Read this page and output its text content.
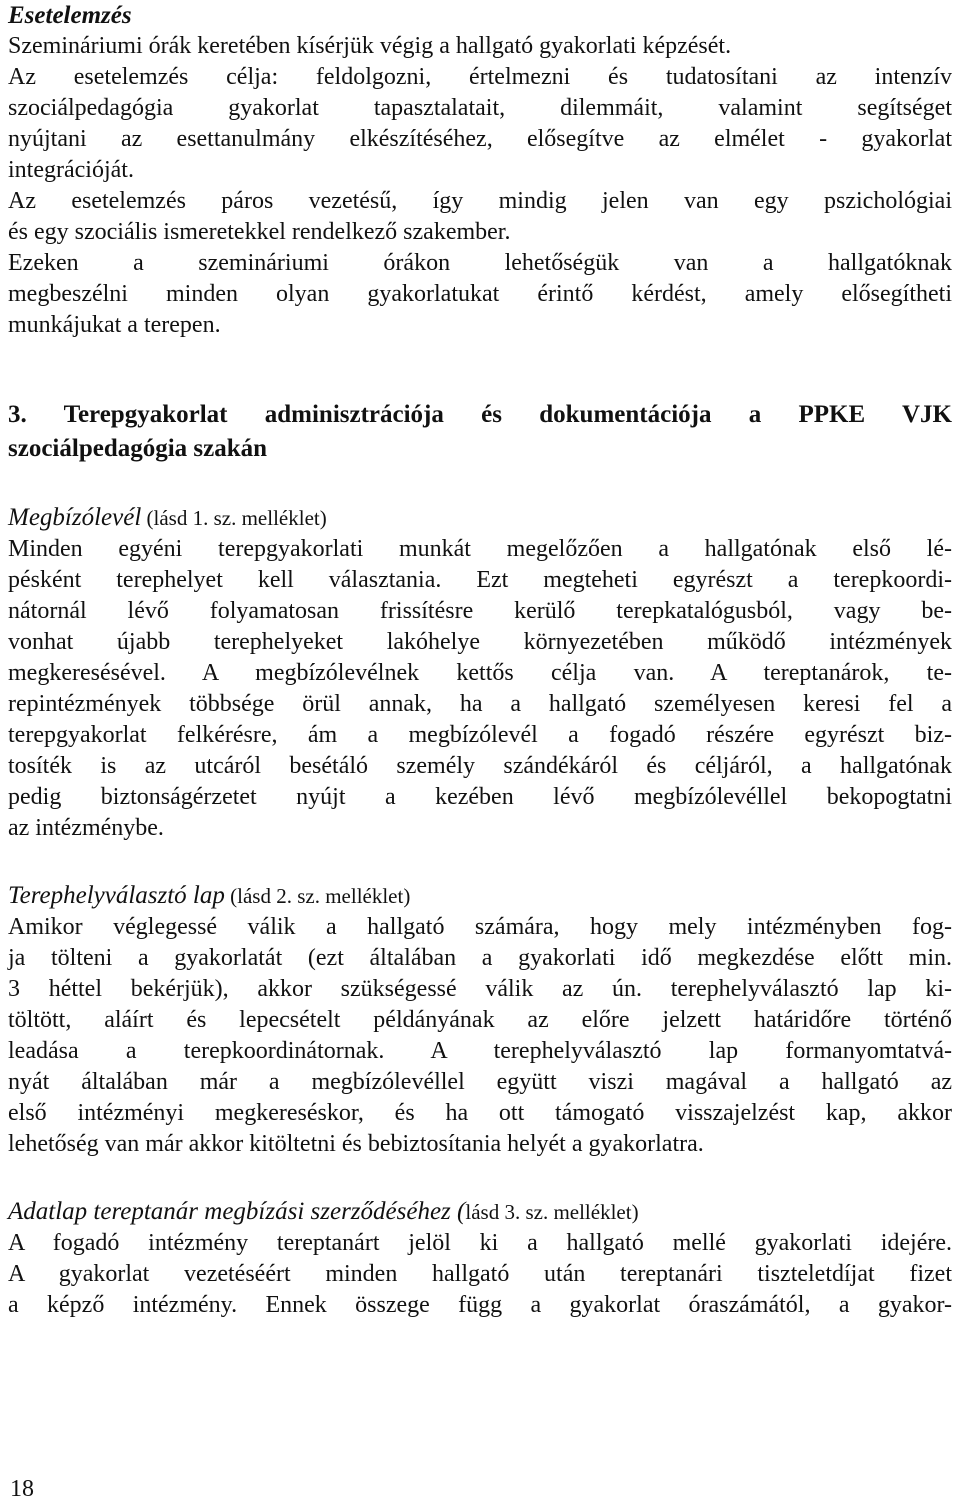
Esetelemzés

Szemináriumi órák keretében kísérjük végig a hallgató gyakorlati képzését.

Az esetelemzés célja: feldolgozni, értelmezni és tudatosítani az intenzív

szociálpedagógia gyakorlat tapasztalatait, dilemmáit, valamint segítséget

nyújtani az esettanulmány elkészítéséhez, elősegítve az elmélet - gyakorlat

integrációját.

Az esetelemzés páros vezetésű, így mindig jelen van egy pszichológiai

és egy szociális ismeretekkel rendelkező szakember.

Ezeken a szemináriumi órákon lehetőségük van a hallgatóknak

megbeszélni minden olyan gyakorlatukat érintő kérdést, amely elősegítheti

munkájukat a terepen.

3. Terepgyakorlat adminisztrációja és dokumentációja a PPKE VJK

szociálpedagógia szakán

Megbízólevél (lásd 1. sz. melléklet)

Minden egyéni terepgyakorlati munkát megelőzően a hallgatónak első lé-

pésként terephelyet kell választania. Ezt megteheti egyrészt a terepkoordi-

nátornál lévő folyamatosan frissítésre kerülő terepkatalógusból, vagy be-

vonhat újabb terephelyeket lakóhelye környezetében működő intézmények

megkeresésével. A megbízólevélnek kettős célja van. A tereptanárok, te-

repintézmények többsége örül annak, ha a hallgató személyesen keresi fel a

terepgyakorlat felkérésre, ám a megbízólevél a fogadó részére egyrészt biz-

tosíték is az utcáról besétáló személy szándékáról és céljáról, a hallgatónak

pedig biztonságérzetet nyújt a kezében lévő megbízólevéllel bekopogtatni

az intézménybe.

Terephelyválasztó lap (lásd 2. sz. melléklet)

Amikor véglegessé válik a hallgató számára, hogy mely intézményben fog-

ja tölteni a gyakorlatát (ezt általában a gyakorlati idő megkezdése előtt min.

3 héttel bekérjük), akkor szükségessé válik az ún. terephelyválasztó lap ki-

töltött, aláírt és lepecsételt példányának az előre jelzett határidőre történő

leadása a terepkoordinátornak. A terephelyválasztó lap formanyomtatvá-

nyát általában már a megbízólevéllel együtt viszi magával a hallgató az

első intézményi megkereséskor, és ha ott támogató visszajelzést kap, akkor

lehetőség van már akkor kitöltetni és bebiztosítania helyét a gyakorlatra.

Adatlap tereptanár megbízási szerződéséhez (lásd 3. sz. melléklet)

A fogadó intézmény tereptanárt jelöl ki a hallgató mellé gyakorlati idejére.

A gyakorlat vezetéséért minden hallgató után tereptanári tiszteletdíjat fizet

a képző intézmény. Ennek összege függ a gyakorlat óraszámától, a gyakor-

18
